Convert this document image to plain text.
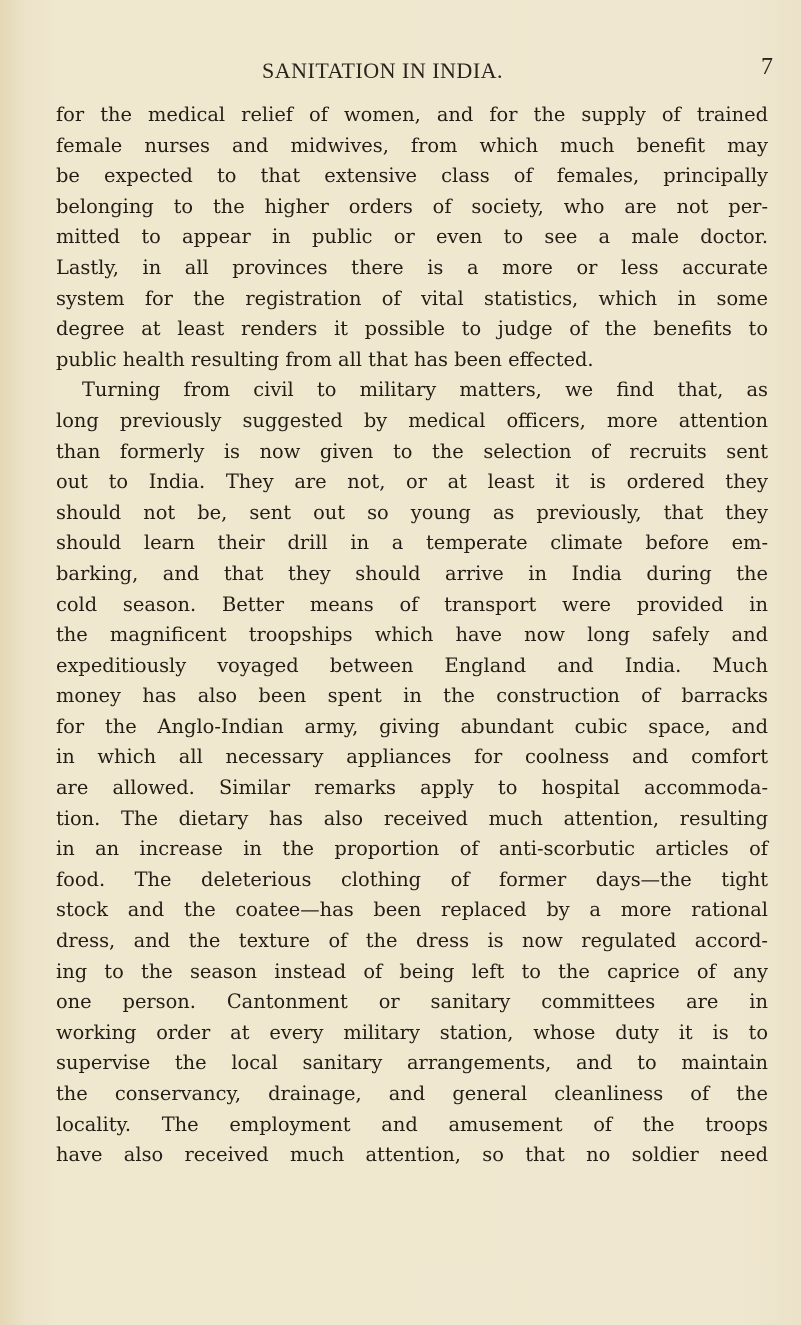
SANITATION IN INDIA.	7
for the medical relief of women, and for the supply of trained
female nurses and midwives, from which much benefit may
be expected to that extensive class of females, principally
belonging to the higher orders of society, who are not per-
mitted to appear in public or even to see a male doctor.
Lastly, in all provinces there is a more or less accurate
system for the registration of vital statistics, which in some
degree at least renders it possible to judge of the benefits to
public health resulting from all that has been effected.
Turning from civil to military matters, we find that, as
long previously suggested by medical officers, more attention
than formerly is now given to the selection of recruits sent
out to India. They are not, or at least it is ordered they
should not be, sent out so young as previously, that they
should learn their drill in a temperate climate before em-
barking, and that they should arrive in India during the
cold season. Better means of transport were provided in
the magnificent troopships which have now long safely and
expeditiously voyaged between England and India. Much
money has also been spent in the construction of barracks
for the Anglo-Indian army, giving abundant cubic space, and
in which all necessary appliances for coolness and comfort
are allowed. Similar remarks apply to hospital accommoda-
tion. The dietary has also received much attention, resulting
in an increase in the proportion of anti-scorbutic articles of
food. The deleterious clothing of former days—the tight
stock and the coatee—has been replaced by a more rational
dress, and the texture of the dress is now regulated accord-
ing to the season instead of being left to the caprice of any
one person. Cantonment or sanitary committees are in
working order at every military station, whose duty it is to
supervise the local sanitary arrangements, and to maintain
the conservancy, drainage, and general cleanliness of the
locality. The employment and amusement of the troops
have also received much attention, so that no soldier need
